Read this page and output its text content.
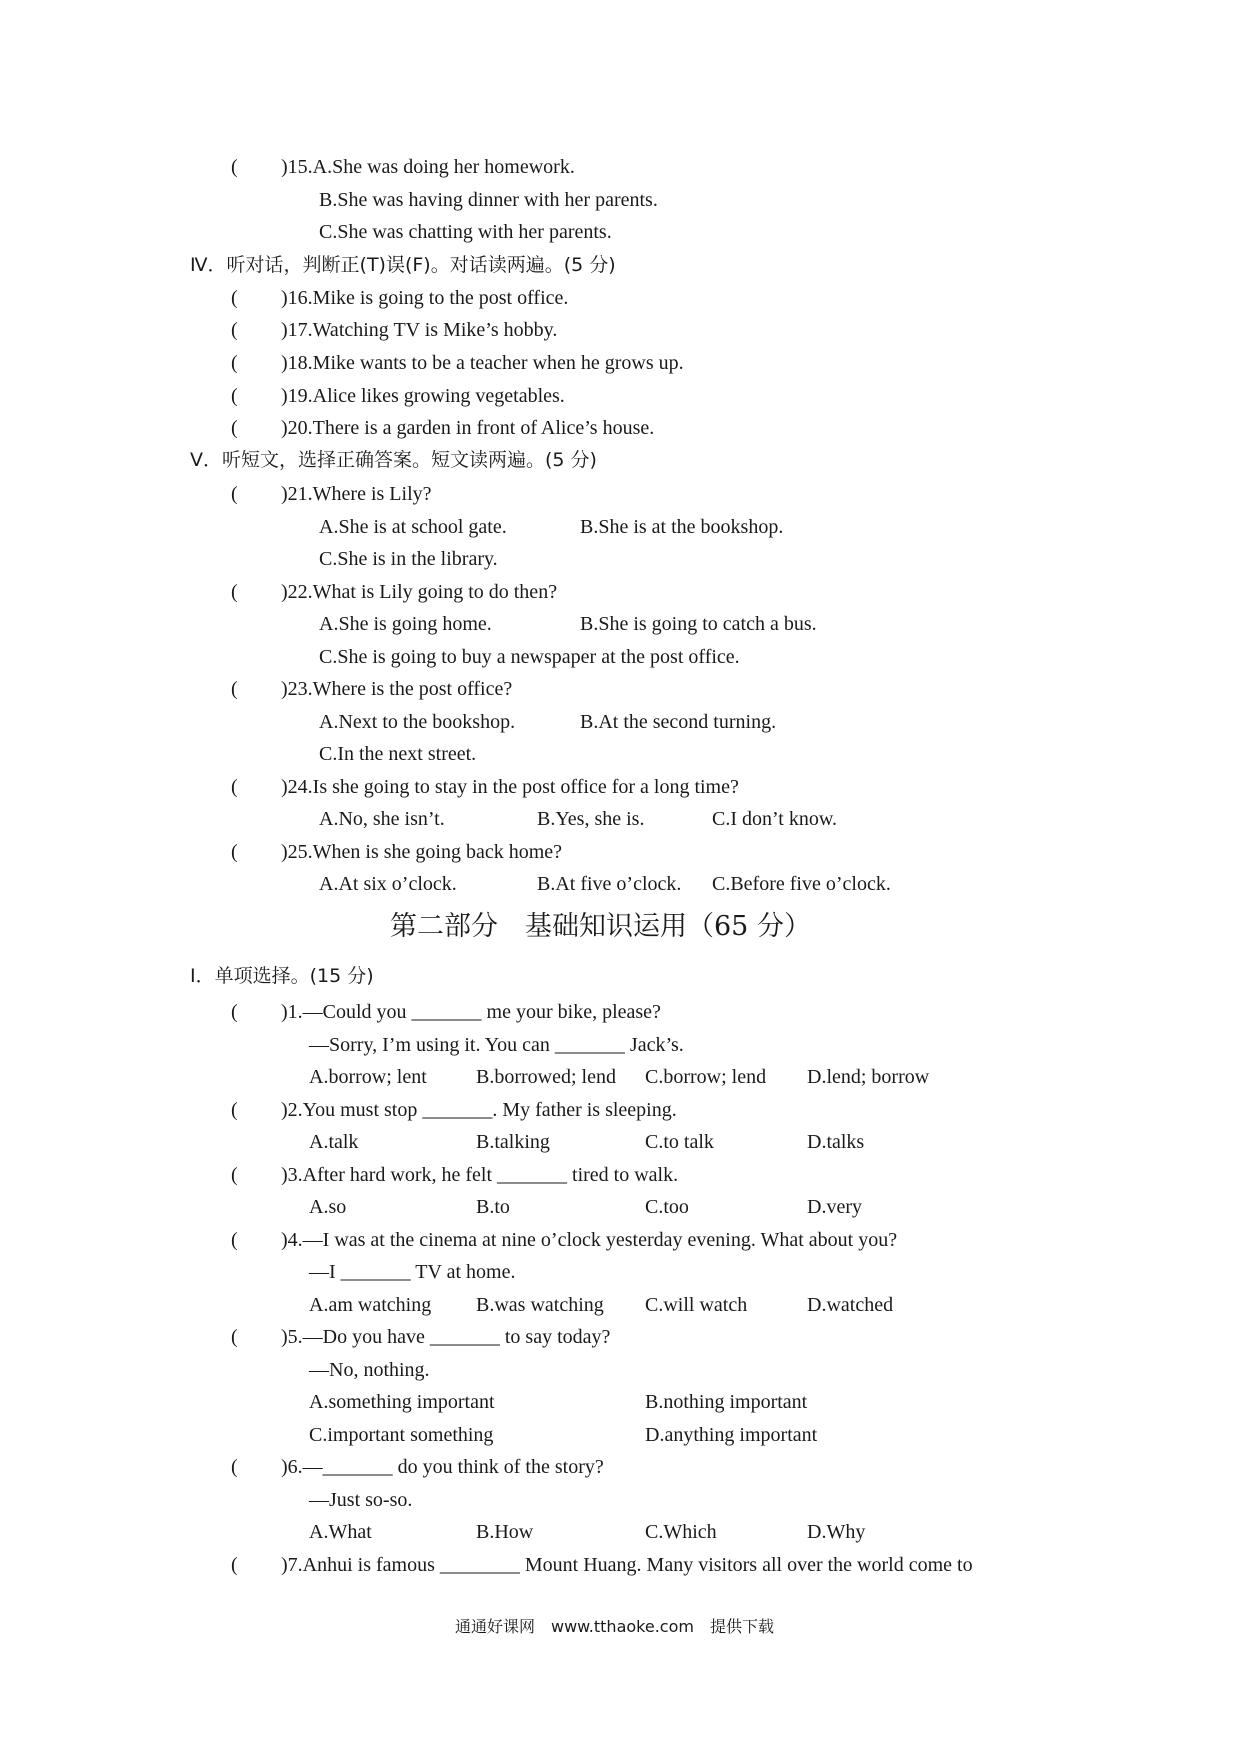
( )15.A.She was doing her homework.
B.She was having dinner with her parents.
C.She was chatting with her parents.
Ⅳ．听对话，判断正(T)误(F)。对话读两遍。(5 分)
( )16.Mike is going to the post office.
( )17.Watching TV is Mike’s hobby.
( )18.Mike wants to be a teacher when he grows up.
( )19.Alice likes growing vegetables.
( )20.There is a garden in front of Alice’s house.
Ⅴ．听短文，选择正确答案。短文读两遍。(5 分)
( )21.Where is Lily?
A.She is at school gate.	B.She is at the bookshop.
C.She is in the library.
( )22.What is Lily going to do then?
A.She is going home.	B.She is going to catch a bus.
C.She is going to buy a newspaper at the post office.
( )23.Where is the post office?
A.Next to the bookshop.	B.At the second turning.
C.In the next street.
( )24.Is she going to stay in the post office for a long time?
A.No, she isn’t.	B.Yes, she is.	C.I don’t know.
( )25.When is she going back home?
A.At six o’clock.	B.At five o’clock. C.Before five o’clock.
第二部分　基础知识运用（65 分）
Ⅰ．单项选择。(15 分)
( )1.—Could you _______ me your bike, please?
—Sorry, I’m using it. You can _______ Jack’s.
A.borrow; lent B.borrowed; lend C.borrow; lend D.lend; borrow
( )2.You must stop _______. My father is sleeping.
A.talk	B.talking	C.to talk	D.talks
( )3.After hard work, he felt _______ tired to walk.
A.so	B.to	C.too	D.very
( )4.—I was at the cinema at nine o’clock yesterday evening. What about you?
—I _______ TV at home.
A.am watching B.was watching C.will watch	D.watched
( )5.—Do you have _______ to say today?
—No, nothing.
A.something important	B.nothing important
C.important something	D.anything important
( )6.—_______ do you think of the story?
—Just so-so.
A.What	B.How	C.Which	D.Why
( )7.Anhui is famous ________ Mount Huang. Many visitors all over the world come to
通通好课网　www.tthaoke.com　提供下载
